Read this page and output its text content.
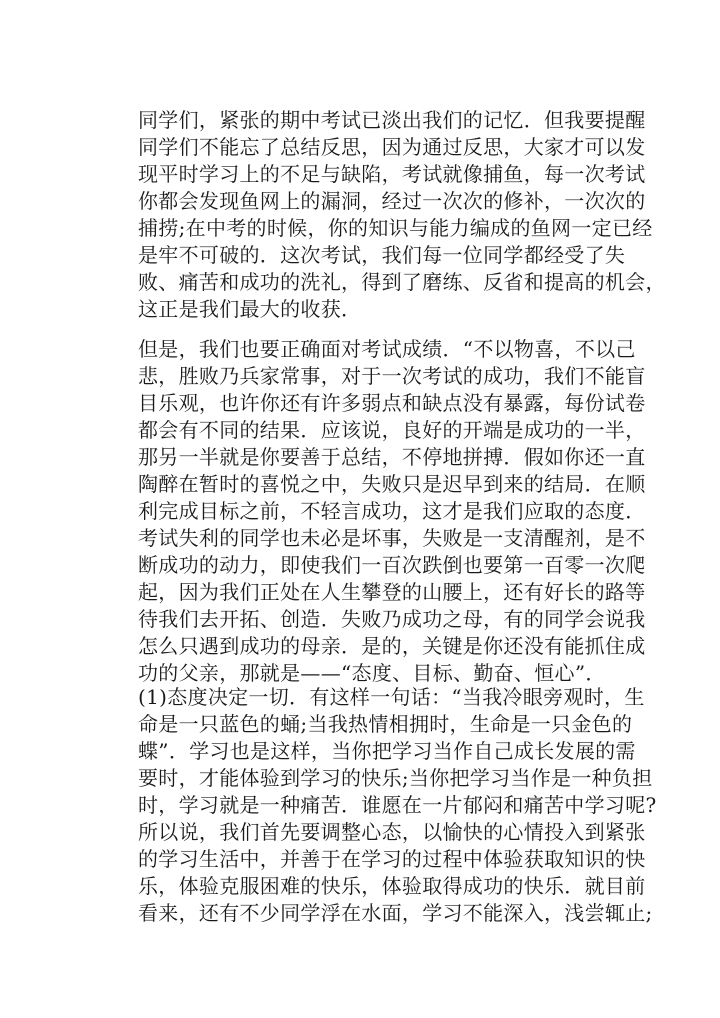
同学们，紧张的期中考试已淡出我们的记忆．但我要提醒
同学们不能忘了总结反思，因为通过反思，大家才可以发
现平时学习上的不足与缺陷，考试就像捕鱼，每一次考试
你都会发现鱼网上的漏洞，经过一次次的修补，一次次的
捕捞;在中考的时候，你的知识与能力编成的鱼网一定已经
是牢不可破的．这次考试，我们每一位同学都经受了失
败、痛苦和成功的洗礼，得到了磨练、反省和提高的机会，
这正是我们最大的收获．
但是，我们也要正确面对考试成绩．“不以物喜，不以己
悲，胜败乃兵家常事，对于一次考试的成功，我们不能盲
目乐观，也许你还有许多弱点和缺点没有暴露，每份试卷
都会有不同的结果．应该说，良好的开端是成功的一半，
那另一半就是你要善于总结，不停地拼搏．假如你还一直
陶醉在暂时的喜悦之中，失败只是迟早到来的结局．在顺
利完成目标之前，不轻言成功，这才是我们应取的态度．
考试失利的同学也未必是坏事，失败是一支清醒剂，是不
断成功的动力，即使我们一百次跌倒也要第一百零一次爬
起，因为我们正处在人生攀登的山腰上，还有好长的路等
待我们去开拓、创造．失败乃成功之母，有的同学会说我
怎么只遇到成功的母亲．是的，关键是你还没有能抓住成
功的父亲，那就是——“态度、目标、勤奋、恒心”．
(1)态度决定一切．有这样一句话：“当我冷眼旁观时，生
命是一只蓝色的蛹;当我热情相拥时，生命是一只金色的
蝶”．学习也是这样，当你把学习当作自己成长发展的需
要时，才能体验到学习的快乐;当你把学习当作是一种负担
时，学习就是一种痛苦．谁愿在一片郁闷和痛苦中学习呢?
所以说，我们首先要调整心态，以愉快的心情投入到紧张
的学习生活中，并善于在学习的过程中体验获取知识的快
乐，体验克服困难的快乐，体验取得成功的快乐．就目前
看来，还有不少同学浮在水面，学习不能深入，浅尝辄止;
